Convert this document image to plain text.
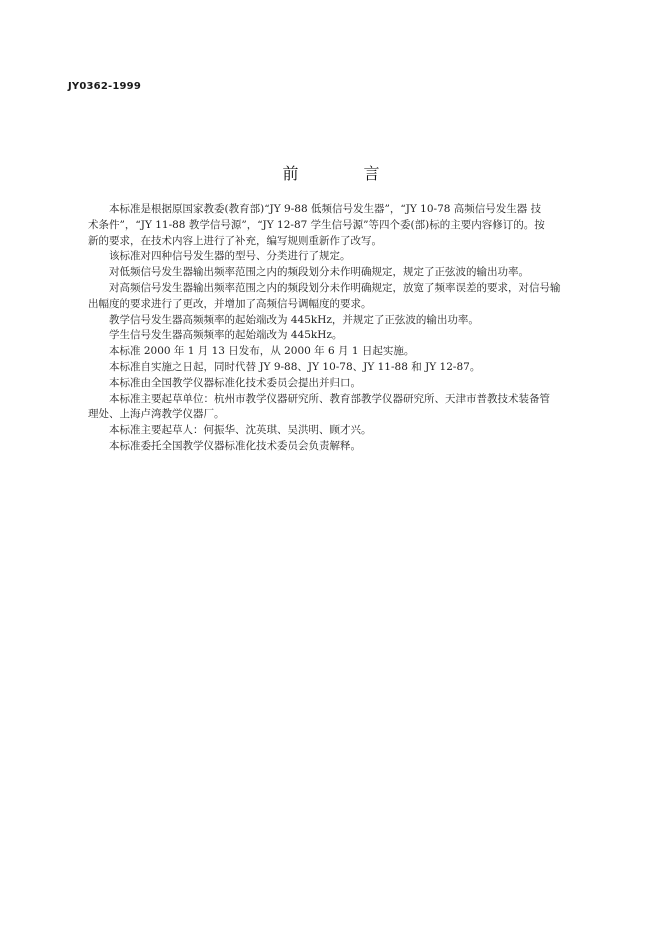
JY0362-1999
前 言

本标准是根据原国家教委(教育部)“JY 9-88 低频信号发生器”，“JY 10-78 高频信号发生器 技
术条件”，“JY 11-88 教学信号源”，“JY 12-87 学生信号源”等四个委(部)标的主要内容修订的。按
新的要求，在技术内容上进行了补充，编写规则重新作了改写。

该标准对四种信号发生器的型号、分类进行了规定。

对低频信号发生器输出频率范围之内的频段划分未作明确规定，规定了正弦波的输出功率。

对高频信号发生器输出频率范围之内的频段划分未作明确规定，放宽了频率误差的要求，对信号输
出幅度的要求进行了更改，并增加了高频信号调幅度的要求。

教学信号发生器高频频率的起始端改为 445kHz，并规定了正弦波的输出功率。

学生信号发生器高频频率的起始端改为 445kHz。

本标准 2000 年 1 月 13 日发布，从 2000 年 6 月 1 日起实施。

本标准自实施之日起，同时代替 JY 9-88、JY 10-78、JY 11-88 和 JY 12-87。

本标准由全国教学仪器标准化技术委员会提出并归口。

本标准主要起草单位：杭州市教学仪器研究所、教育部教学仪器研究所、天津市普教技术装备管
理处、上海卢湾教学仪器厂。

本标准主要起草人：何振华、沈英琪、吴洪明、顾才兴。

本标准委托全国教学仪器标准化技术委员会负责解释。
